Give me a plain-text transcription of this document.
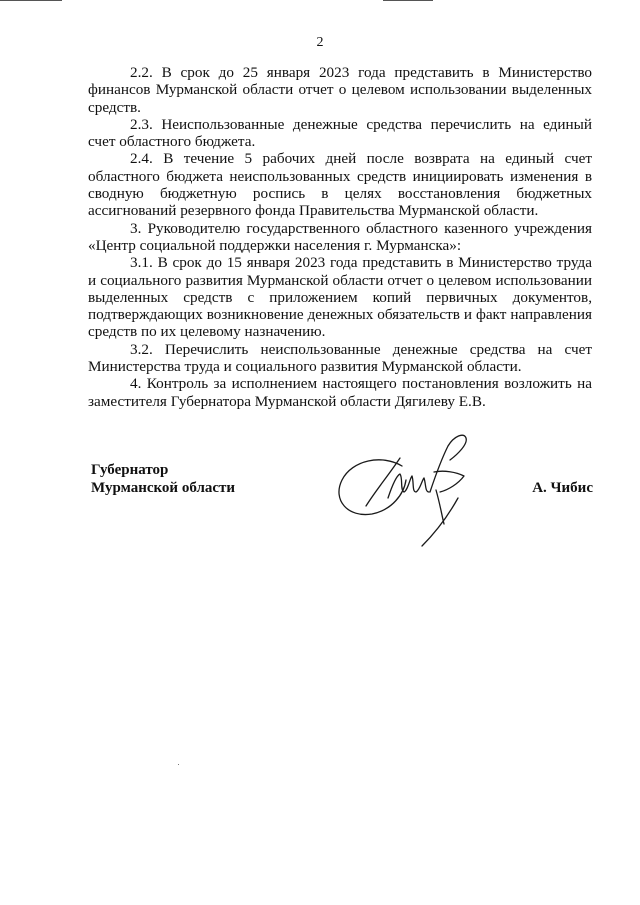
2

2.2. В срок до 25 января 2023 года представить в Министерство финансов Мурманской области отчет о целевом использовании выделенных средств.

2.3. Неиспользованные денежные средства перечислить на единый счет областного бюджета.

2.4. В течение 5 рабочих дней после возврата на единый счет областного бюджета неиспользованных средств инициировать изменения в сводную бюджетную роспись в целях восстановления бюджетных ассигнований резервного фонда Правительства Мурманской области.

3. Руководителю государственного областного казенного учреждения «Центр социальной поддержки населения г. Мурманска»:

3.1. В срок до 15 января 2023 года представить в Министерство труда и социального развития Мурманской области отчет о целевом использовании выделенных средств с приложением копий первичных документов, подтверждающих возникновение денежных обязательств и факт направления средств по их целевому назначению.

3.2. Перечислить неиспользованные денежные средства на счет Министерства труда и социального развития Мурманской области.

4. Контроль за исполнением настоящего постановления возложить на заместителя Губернатора Мурманской области Дягилеву Е.В.

Губернатор
Мурманской области	А. Чибис
